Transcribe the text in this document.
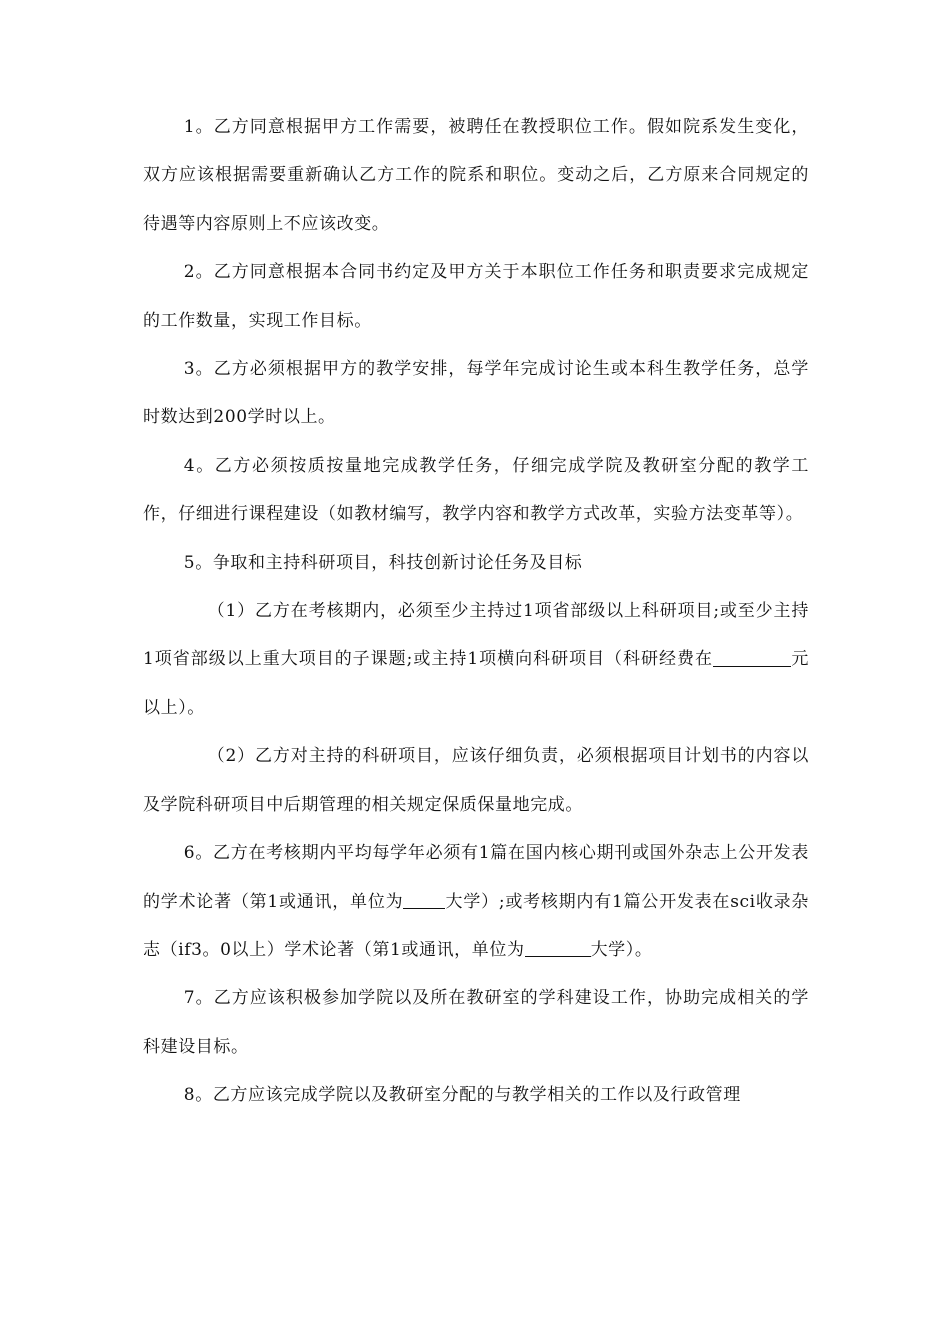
1。乙方同意根据甲方工作需要，被聘任在教授职位工作。假如院系发生变化，双方应该根据需要重新确认乙方工作的院系和职位。变动之后，乙方原来合同规定的待遇等内容原则上不应该改变。

2。乙方同意根据本合同书约定及甲方关于本职位工作任务和职责要求完成规定的工作数量，实现工作目标。

3。乙方必须根据甲方的教学安排，每学年完成讨论生或本科生教学任务，总学时数达到200学时以上。

4。乙方必须按质按量地完成教学任务，仔细完成学院及教研室分配的教学工作，仔细进行课程建设（如教材编写，教学内容和教学方式改革，实验方法变革等）。

5。争取和主持科研项目，科技创新讨论任务及目标

（1）乙方在考核期内，必须至少主持过1项省部级以上科研项目;或至少主持1项省部级以上重大项目的子课题;或主持1项横向科研项目（科研经费在	元以上）。

（2）乙方对主持的科研项目，应该仔细负责，必须根据项目计划书的内容以及学院科研项目中后期管理的相关规定保质保量地完成。

6。乙方在考核期内平均每学年必须有1篇在国内核心期刊或国外杂志上公开发表的学术论著（第1或通讯，单位为 大学）;或考核期内有1篇公开发表在sci收录杂志（if3。0以上）学术论著（第1或通讯，单位为	大学）。

7。乙方应该积极参加学院以及所在教研室的学科建设工作，协助完成相关的学科建设目标。

8。乙方应该完成学院以及教研室分配的与教学相关的工作以及行政管理
